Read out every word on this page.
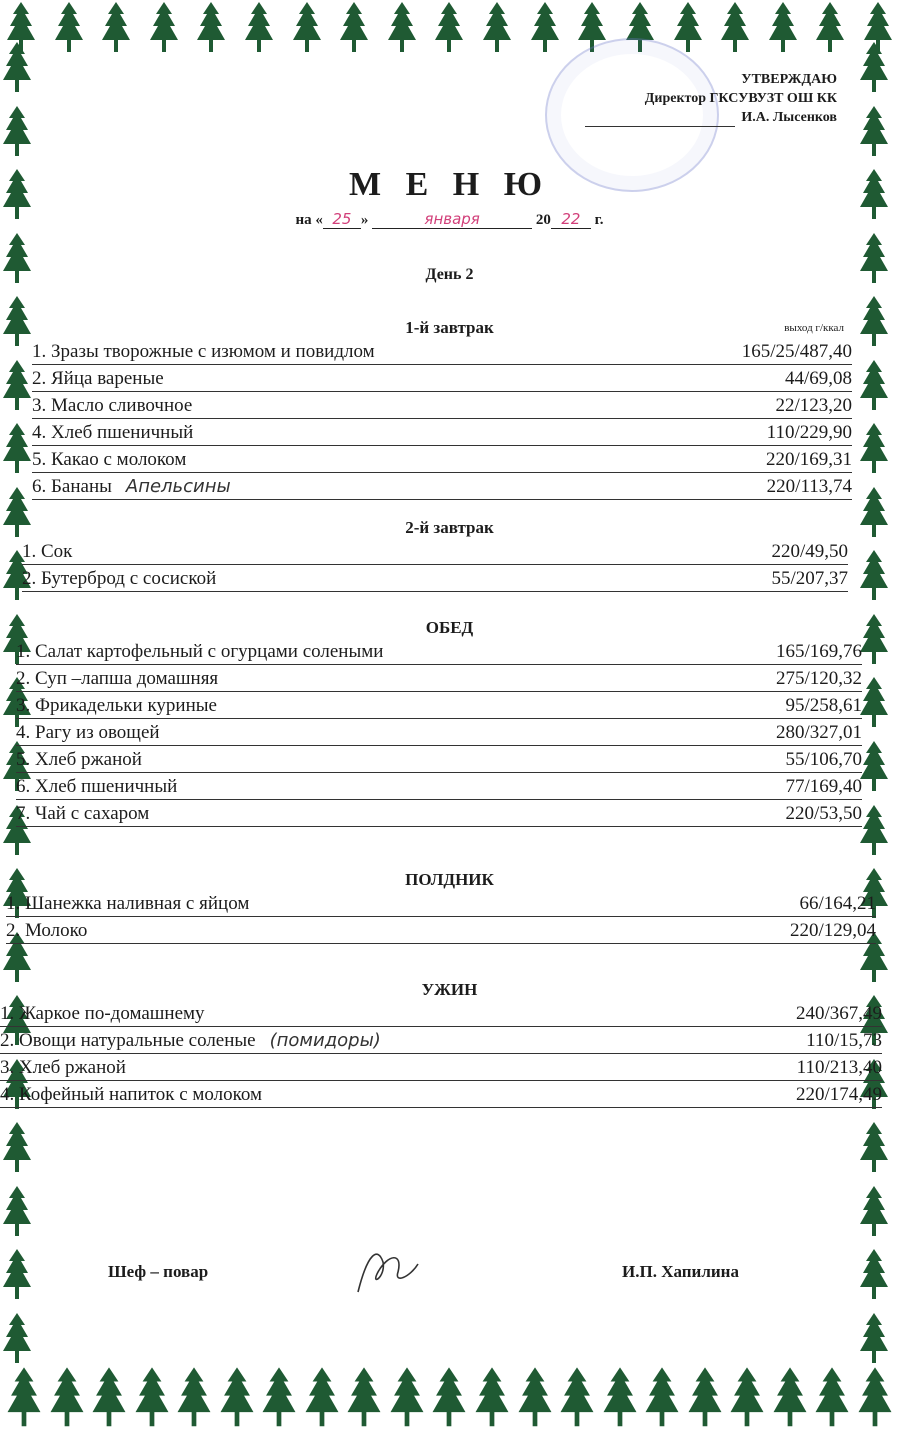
УТВЕРЖДАЮ
Директор ГКСУВУЗТ ОШ КК
И.А. Лысенков
М Е Н Ю
на « 25 »	января	20 22 г.
День 2
1-й завтрак	выход г/ккал
1. Зразы творожные с изюмом и повидлом	165/25/487,40
2. Яйца вареные	44/69,08
3. Масло сливочное	22/123,20
4. Хлеб пшеничный	110/229,90
5. Какао с молоком	220/169,31
6. Бананы Апельсины	220/113,74
2-й завтрак
1. Сок	220/49,50
2. Бутерброд с сосиской	55/207,37
ОБЕД
1. Салат картофельный с огурцами солеными	165/169,76
2. Суп –лапша домашняя	275/120,32
3. Фрикадельки куриные	95/258,61
4. Рагу из овощей	280/327,01
5. Хлеб ржаной	55/106,70
6. Хлеб пшеничный	77/169,40
7. Чай с сахаром	220/53,50
ПОЛДНИК
1. Шанежка наливная с яйцом	66/164,21
2. Молоко	220/129,04
УЖИН
1. Жаркое по-домашнему	240/367,49
2. Овощи натуральные соленые (помидоры)	110/15,73
3. Хлеб ржаной	110/213,40
4. Кофейный напиток с молоком	220/174,49
Шеф – повар	И.П. Хапилина
